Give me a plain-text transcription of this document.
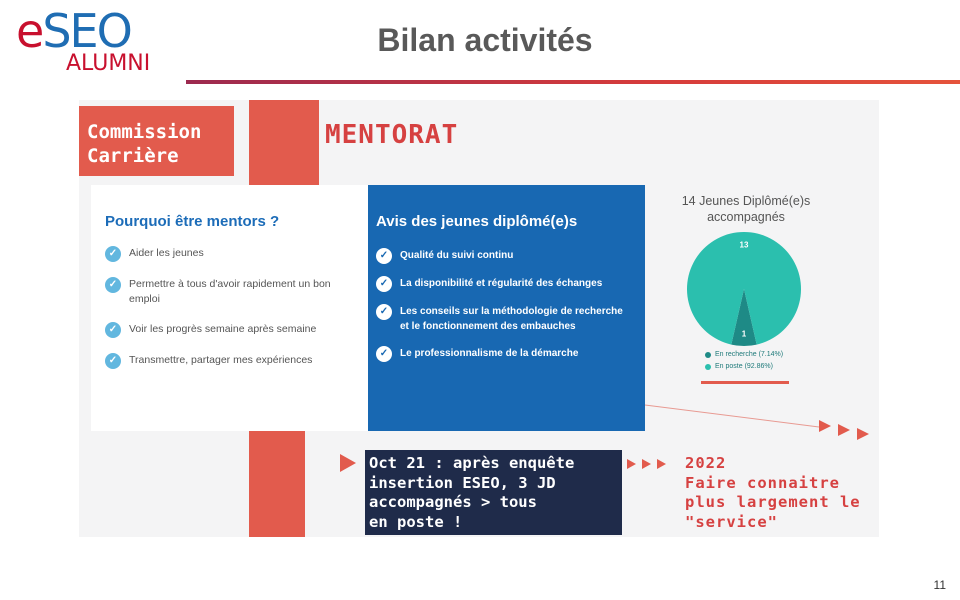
eSEO
ALUMNI
Bilan activités
Commission
Carrière
MENTORAT
Pourquoi être mentors ?
✓	Aider les jeunes
✓	Permettre à tous d'avoir rapidement un bon emploi
✓	Voir les progrès semaine après semaine
✓	Transmettre, partager mes expériences
Avis des jeunes diplômé(e)s
✓	Qualité du suivi continu
✓	La disponibilité et régularité des échanges
✓	Les conseils sur la méthodologie de recherche et le fonctionnement des embauches
✓	Le professionnalisme de la démarche
14 Jeunes Diplômé(e)s accompagnés
1
13
En recherche (7.14%)
En poste (92.86%)
Oct 21 : après enquête
insertion ESEO, 3 JD
accompagnés > tous
en poste !
2022
Faire connaitre
plus largement le
"service"
11
